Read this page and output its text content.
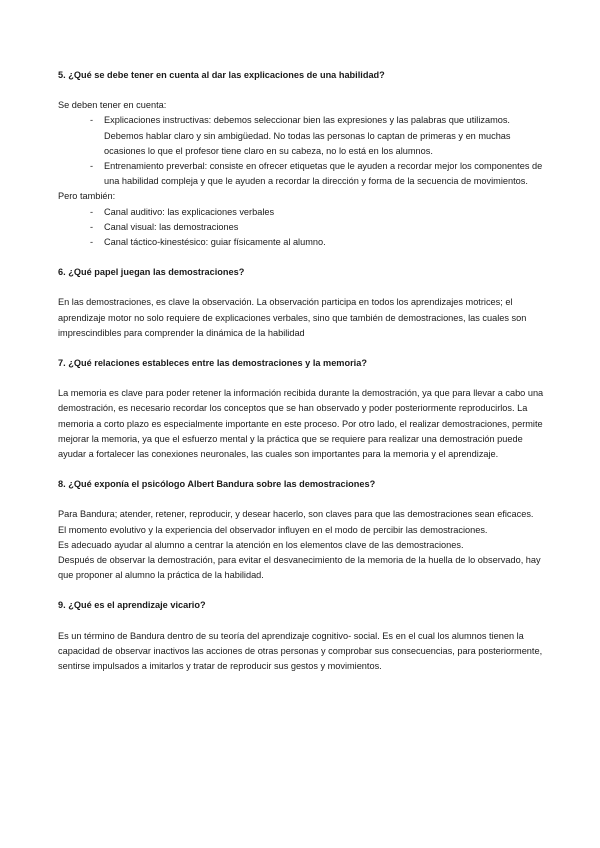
5. ¿Qué se debe tener en cuenta al dar las explicaciones de una habilidad?

Se deben tener en cuenta:

- Explicaciones instructivas: debemos seleccionar bien las expresiones y las palabras que utilizamos. Debemos hablar claro y sin ambigüedad. No todas las personas lo captan de primeras y en muchas ocasiones lo que el profesor tiene claro en su cabeza, no lo está en los alumnos.
- Entrenamiento preverbal: consiste en ofrecer etiquetas que le ayuden a recordar mejor los componentes de una habilidad compleja y que le ayuden a recordar la dirección y forma de la secuencia de movimientos.

Pero también:

- Canal auditivo: las explicaciones verbales
- Canal visual: las demostraciones
- Canal táctico-kinestésico: guiar físicamente al alumno.

6. ¿Qué papel juegan las demostraciones?

En las demostraciones, es clave la observación. La observación participa en todos los aprendizajes motrices; el aprendizaje motor no solo requiere de explicaciones verbales, sino que también de demostraciones, las cuales son imprescindibles para comprender la dinámica de la habilidad

7. ¿Qué relaciones estableces entre las demostraciones y la memoria?

La memoria es clave para poder retener la información recibida durante la demostración, ya que para llevar a cabo una demostración, es necesario recordar los conceptos que se han observado y poder posteriormente reproducirlos. La memoria a corto plazo es especialmente importante en este proceso. Por otro lado, el realizar demostraciones, permite mejorar la memoria, ya que el esfuerzo mental y la práctica que se requiere para realizar una demostración puede ayudar a fortalecer las conexiones neuronales, las cuales son importantes para la memoria y el aprendizaje.

8. ¿Qué exponía el psicólogo Albert Bandura sobre las demostraciones?

Para Bandura; atender, retener, reproducir, y desear hacerlo, son claves para que las demostraciones sean eficaces.

El momento evolutivo y la experiencia del observador influyen en el modo de percibir las demostraciones.

Es adecuado ayudar al alumno a centrar la atención en los elementos clave de las demostraciones.

Después de observar la demostración, para evitar el desvanecimiento de la memoria de la huella de lo observado, hay que proponer al alumno la práctica de la habilidad.

9. ¿Qué es el aprendizaje vicario?

Es un término de Bandura dentro de su teoría del aprendizaje cognitivo- social. Es en el cual los alumnos tienen la capacidad de observar inactivos las acciones de otras personas y comprobar sus consecuencias, para posteriormente, sentirse impulsados a imitarlos y tratar de reproducir sus gestos y movimientos.
